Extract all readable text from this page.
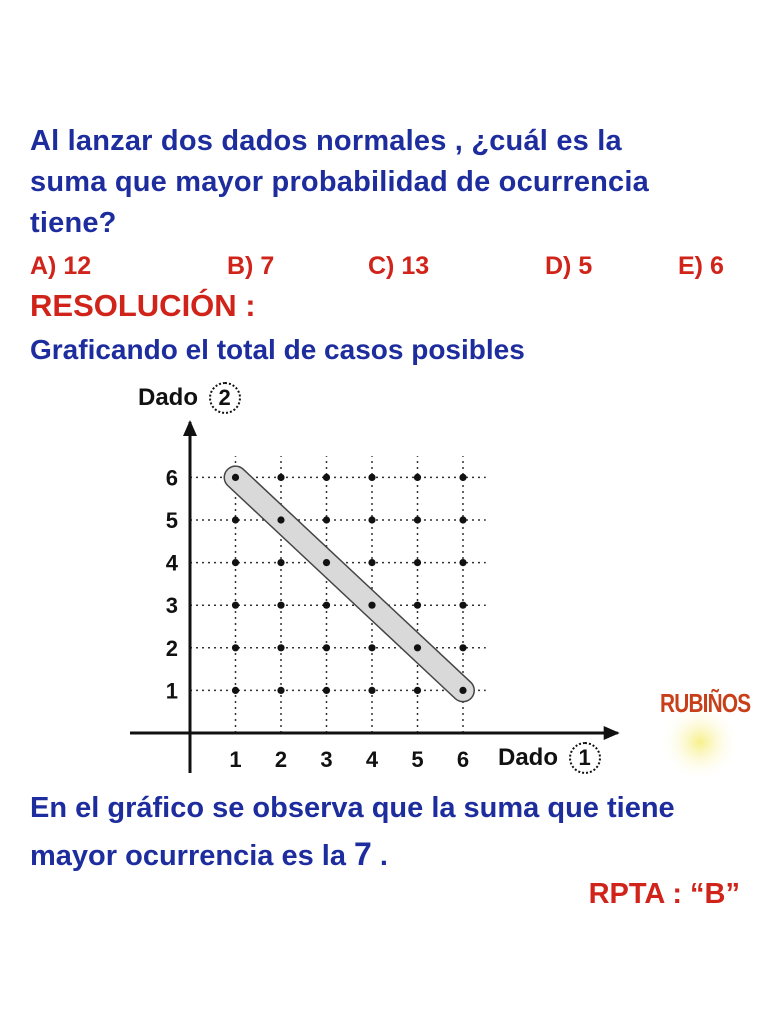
Al lanzar dos dados normales , ¿cuál es la
suma que mayor probabilidad de ocurrencia
tiene?
A) 12	B) 7	C) 13	D) 5	E) 6
RESOLUCIÓN :
Graficando el total de casos posibles
Dado 2
Dado 1
1 2 3 4 5 6
1
2
3
4
5
6
RUBIÑOS
En el gráfico se observa que la suma que tiene
mayor ocurrencia es la 7 .
RPTA : “B”
